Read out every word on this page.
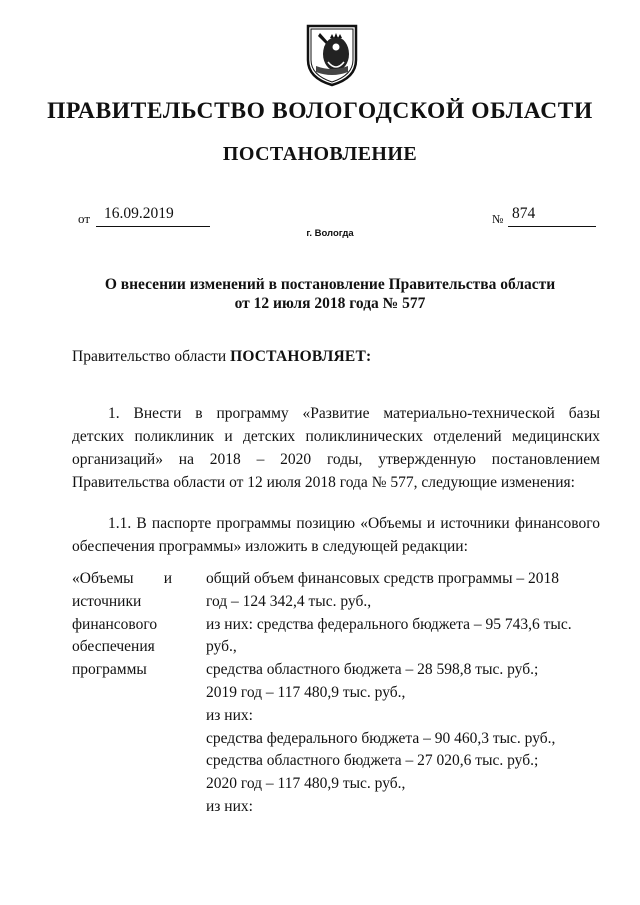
ПРАВИТЕЛЬСТВО ВОЛОГОДСКОЙ ОБЛАСТИ
ПОСТАНОВЛЕНИЕ
от 16.09.2019	№ 874
г. Вологда
О внесении изменений в постановление Правительства области
от 12 июля 2018 года № 577
Правительство области ПОСТАНОВЛЯЕТ:
1. Внести в программу «Развитие материально-технической базы
детских поликлиник и детских поликлинических отделений медицинских
организаций» на 2018 – 2020 годы, утвержденную постановлением
Правительства области от 12 июля 2018 года № 577, следующие изменения:
1.1. В паспорте программы позицию «Объемы и источники финансового
обеспечения программы» изложить в следующей редакции:
«Объемы и
источники
финансового
обеспечения
программы
общий объем финансовых средств программы – 2018
год – 124 342,4 тыс. руб.,
из них: средства федерального бюджета – 95 743,6 тыс.
руб.,
средства областного бюджета – 28 598,8 тыс. руб.;
2019 год – 117 480,9 тыс. руб.,
из них:
средства федерального бюджета – 90 460,3 тыс. руб.,
средства областного бюджета – 27 020,6 тыс. руб.;
2020 год – 117 480,9 тыс. руб.,
из них:
